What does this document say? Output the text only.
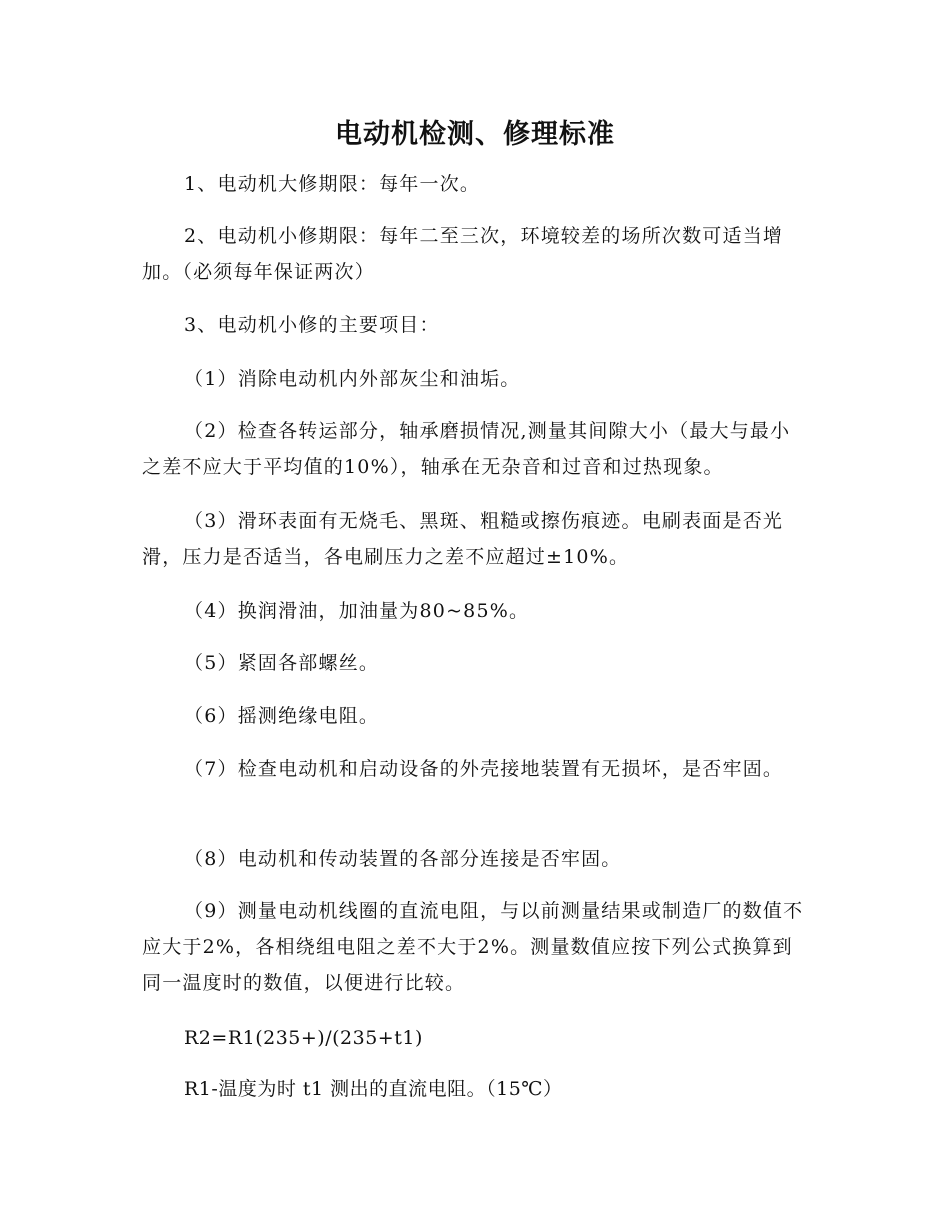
电动机检测、修理标准
1、电动机大修期限：每年一次。
2、电动机小修期限：每年二至三次，环境较差的场所次数可适当增加。（必须每年保证两次）
3、电动机小修的主要项目：
（1）消除电动机内外部灰尘和油垢。
（2）检查各转运部分，轴承磨损情况,测量其间隙大小（最大与最小之差不应大于平均值的10%），轴承在无杂音和过音和过热现象。
（3）滑环表面有无烧毛、黑斑、粗糙或擦伤痕迹。电刷表面是否光滑，压力是否适当，各电刷压力之差不应超过±10%。
（4）换润滑油，加油量为80~85%。
（5）紧固各部螺丝。
（6）摇测绝缘电阻。
（7）检查电动机和启动设备的外壳接地装置有无损坏，是否牢固。
（8）电动机和传动装置的各部分连接是否牢固。
（9）测量电动机线圈的直流电阻，与以前测量结果或制造厂的数值不应大于2%，各相绕组电阻之差不大于2%。测量数值应按下列公式换算到同一温度时的数值，以便进行比较。
R2=R1(235+)/(235+t1)
R1-温度为时 t1 测出的直流电阻。（15℃）
